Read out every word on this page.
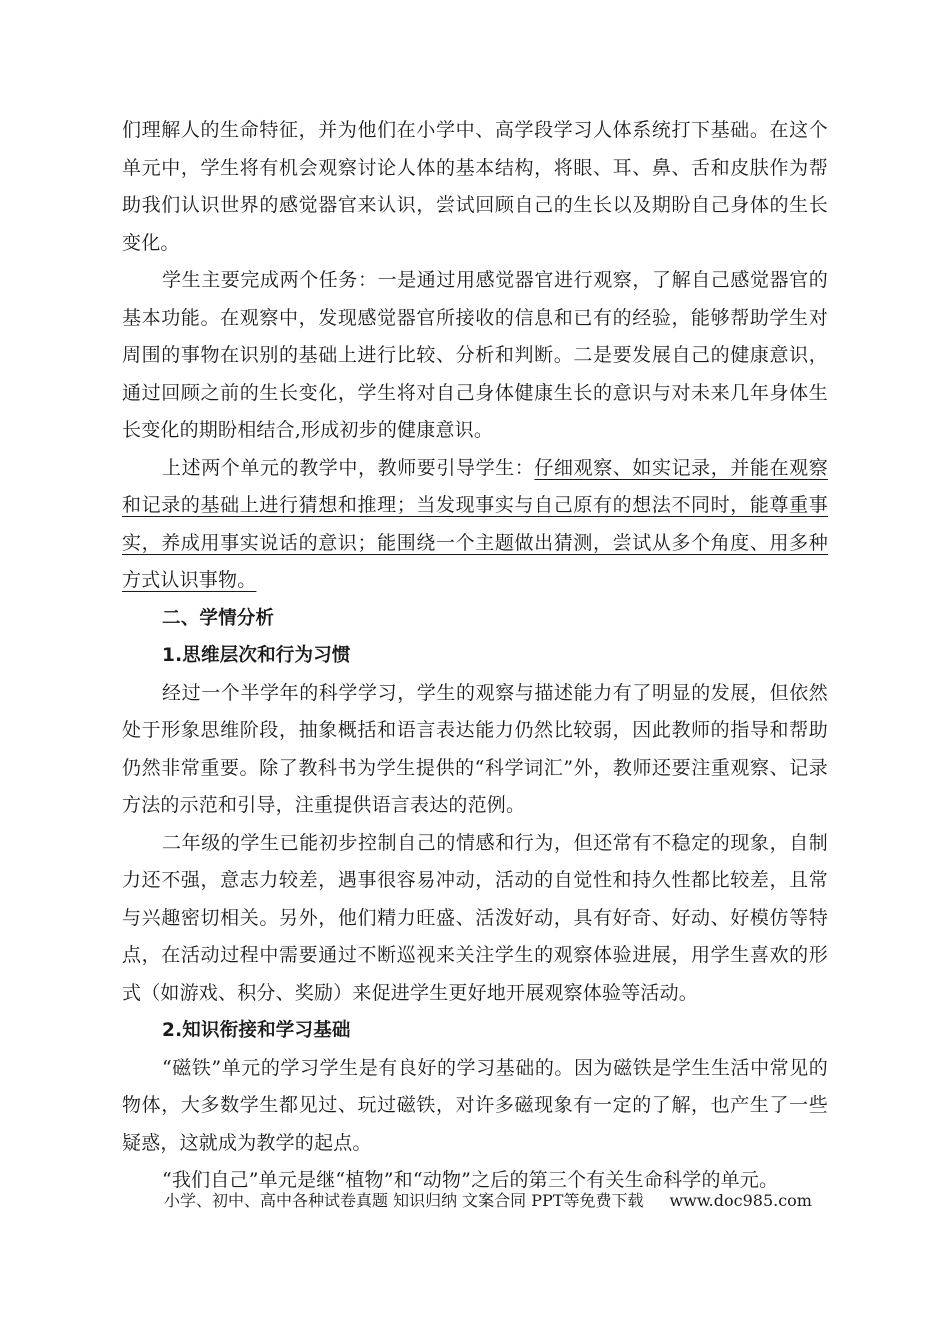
们理解人的生命特征，并为他们在小学中、高学段学习人体系统打下基础。在这个单元中，学生将有机会观察讨论人体的基本结构，将眼、耳、鼻、舌和皮肤作为帮助我们认识世界的感觉器官来认识，尝试回顾自己的生长以及期盼自己身体的生长变化。

学生主要完成两个任务：一是通过用感觉器官进行观察，了解自己感觉器官的基本功能。在观察中，发现感觉器官所接收的信息和已有的经验，能够帮助学生对周围的事物在识别的基础上进行比较、分析和判断。二是要发展自己的健康意识，通过回顾之前的生长变化，学生将对自己身体健康生长的意识与对未来几年身体生长变化的期盼相结合,形成初步的健康意识。

上述两个单元的教学中，教师要引导学生：仔细观察、如实记录，并能在观察和记录的基础上进行猜想和推理；当发现事实与自己原有的想法不同时，能尊重事实，养成用事实说话的意识；能围绕一个主题做出猜测，尝试从多个角度、用多种方式认识事物。

二、学情分析

1.思维层次和行为习惯

经过一个半学年的科学学习，学生的观察与描述能力有了明显的发展，但依然处于形象思维阶段，抽象概括和语言表达能力仍然比较弱，因此教师的指导和帮助仍然非常重要。除了教科书为学生提供的“科学词汇”外，教师还要注重观察、记录方法的示范和引导，注重提供语言表达的范例。

二年级的学生已能初步控制自己的情感和行为，但还常有不稳定的现象，自制力还不强，意志力较差，遇事很容易冲动，活动的自觉性和持久性都比较差，且常与兴趣密切相关。另外，他们精力旺盛、活泼好动，具有好奇、好动、好模仿等特点，在活动过程中需要通过不断巡视来关注学生的观察体验进展，用学生喜欢的形式（如游戏、积分、奖励）来促进学生更好地开展观察体验等活动。

2.知识衔接和学习基础

“磁铁”单元的学习学生是有良好的学习基础的。因为磁铁是学生生活中常见的物体，大多数学生都见过、玩过磁铁，对许多磁现象有一定的了解，也产生了一些疑惑，这就成为教学的起点。

“我们自己”单元是继“植物”和“动物”之后的第三个有关生命科学的单元。

小学、初中、高中各种试卷真题 知识归纳 文案合同 PPT等免费下载 www.doc985.com
